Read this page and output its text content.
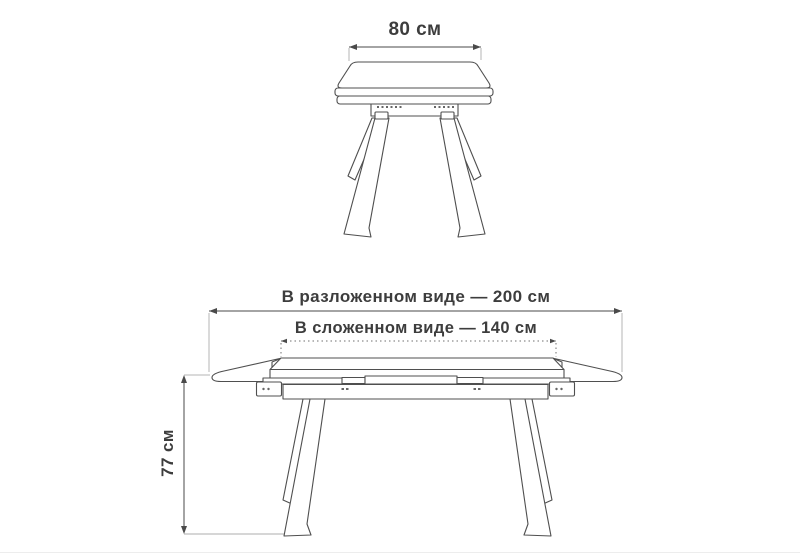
80 см
В разложенном виде — 200 см
В сложенном виде — 140 см
77 см
